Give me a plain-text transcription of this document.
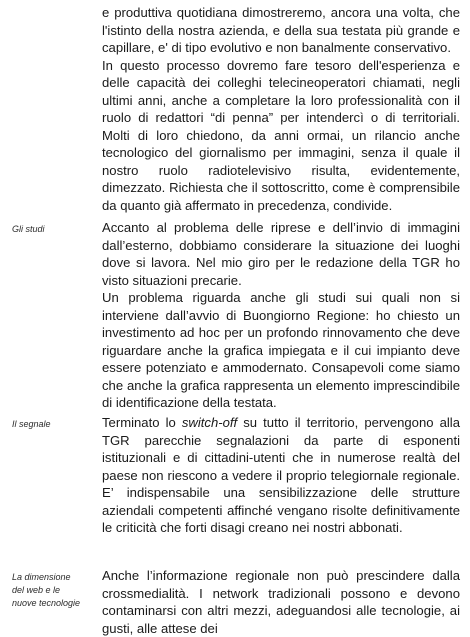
e produttiva quotidiana dimostreremo, ancora una volta, che l'istinto della nostra azienda, e della sua testata più grande e capillare, e' di tipo evolutivo e non banalmente conservativo.

In questo processo dovremo fare tesoro dell'esperienza e delle capacità dei colleghi telecineoperatori chiamati, negli ultimi anni, anche a completare la loro professionalità con il ruolo di redattori “di penna” per intendercì o di territoriali. Molti di loro chiedono, da anni ormai, un rilancio anche tecnologico del giornalismo per immagini, senza il quale il nostro ruolo radiotelevisivo risulta, evidentemente, dimezzato. Richiesta che il sottoscritto, come è comprensibile da quanto già affermato in precedenza, condivide.

Gli studi	Accanto al problema delle riprese e dell’invio di immagini dall’esterno, dobbiamo considerare la situazione dei luoghi dove si lavora. Nel mio giro per le redazione della TGR ho visto situazioni precarie.

Un problema riguarda anche gli studi sui quali non si interviene dall’avvio di Buongiorno Regione: ho chiesto un investimento ad hoc per un profondo rinnovamento che deve riguardare anche la grafica impiegata e il cui impianto deve essere potenziato e ammodernato. Consapevoli come siamo che anche la grafica rappresenta un elemento imprescindibile di identificazione della testata.

Il segnale	Terminato lo switch-off su tutto il territorio, pervengono alla TGR parecchie segnalazioni da parte di esponenti istituzionali e di cittadini-utenti che in numerose realtà del paese non riescono a vedere il proprio telegiornale regionale. E’ indispensabile una sensibilizzazione delle strutture aziendali competenti affinché vengano risolte definitivamente le criticità che forti disagi creano nei nostri abbonati.

La dimensione
del web e le
nuove tecnologie

Anche l’informazione regionale non può prescindere dalla crossmedialità. I network tradizionali possono e devono contaminarsi con altri mezzi, adeguandosi alle tecnologie, ai gusti, alle attese dei
